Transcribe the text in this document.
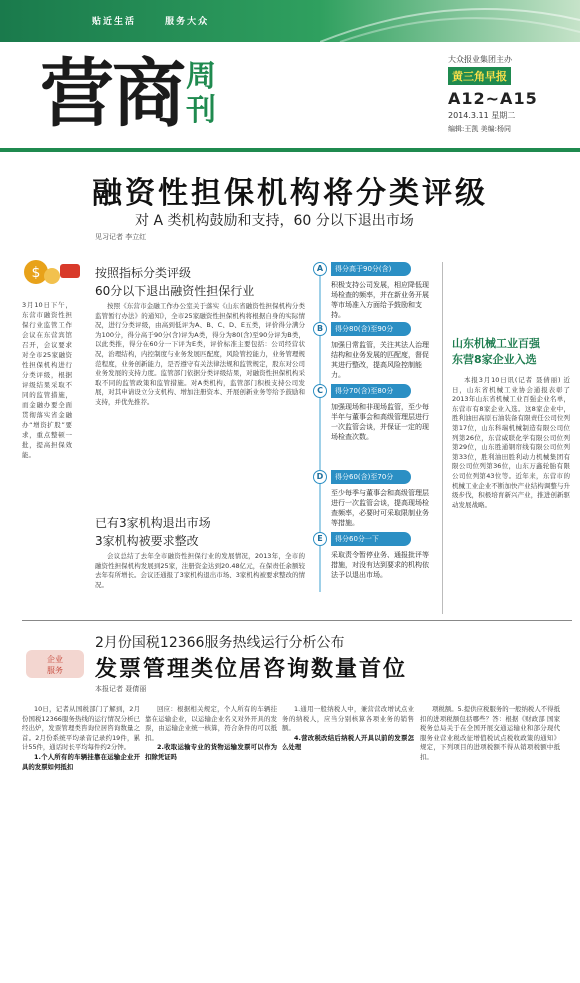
贴近生活	服务大众
营商 周刊
大众报业集团主办
黄三角早报
A12~A15
2014.3.11 星期二
编辑:王凯 美编:杨同
融资性担保机构将分类评级
对 A 类机构鼓励和支持，60 分以下退出市场
见习记者 李立红
$
3月10日下午，东营市融资性担保行业监管工作会议在东营宾馆召开，会议要求对全市25家融资性担保机构进行分类评级，根据评级结果采取不同的监管措施，而金融办要全面贯彻落实省金融办“增资扩股”要求，重点整顿一批，提高担保效能。
按照指标分类评级
60分以下退出融资性担保行业
按照《东营市金融工作办公室关于落实《山东省融资性担保机构分类监管暂行办法》的通知》，全市25家融资性担保机构将根据自身的实际情况，进行分类评级，由高到低评为A、B、C、D、E五类，评价得分满分为100分，得分高于90分(含)评为A类，得分为80(含)至90分评为B类，以此类推，得分在60分一下评为E类，评价标准主要包括：公司经营状况，治理结构，内控制度与业务发展匹配度，风险管控能力，业务管理规范程度，业务创新能力，是否遵守有关法律法规和监管规定，股东对公司业务发展的支持力度。监管部门依据分类评级结果，对融资性担保机构采取不同的监管政策和监管措施。对A类机构，监管部门积极支持公司发展，对其申请设立分支机构、增加注册资本、开展创新业务等给予鼓励和支持，并优先推荐。
已有3家机构退出市场
3家机构被要求整改
会议总结了去年全市融资性担保行业的发展情况，2013年，全市的融资性担保机构发展到25家，注册资金达到20.48亿元，在保责任余额较去年有所增长。会议还通报了3家机构退出市场、3家机构被要求整改的情况。
A	得分高于90分(含)
积极支持公司发展，相应降低现场检查的频率，并在新业务开展等市场准入方面给予鼓励和支持。
B	得分80(含)至90分
加强日常监管，关注其法人治理结构和业务发展的匹配度，督促其进行整改，提高风险控制能力。
C	得分70(含)至80分
加强现场和非现场监管，至少每半年与董事会和高级管理层进行一次监管会谈，并保证一定的现场检查次数。
D	得分60(含)至70分
至少每季与董事会和高级管理层进行一次监管会谈，提高现场检查频率，必要时可采取限制业务等措施。
E	得分60分一下
采取责令暂停业务、通报批评等措施，对没有达到要求的机构依法予以退出市场。
山东机械工业百强
东营8家企业入选
本报3月10日讯(记者 聂倩丽) 近日，山东省机械工业协会通报表彰了2013年山东省机械工业百强企业名单，东营市有8家企业入选。这8家企业中，胜利油田高原石油装备有限责任公司位列第17位，山东科瑞机械制造有限公司位列第26位，东营威联化学有限公司位列第29位，山东胜通钢帘线有限公司位列第33位，胜利油田胜利动力机械集团有限公司位列第36位，山东万鑫轮胎有限公司位列第43位等。近年来，东营市的机械工业企业不断加快产业结构调整与升级步伐，积极培育新兴产业，推进创新驱动发展战略。
企业
服务
2月份国税12366服务热线运行分析公布
发票管理类位居咨询数量首位
本报记者 聂倩丽

10日，记者从国税部门了解到，2月份国税12366服务热线的运行情况分析已经出炉，发票管理类咨询位居咨询数量之首。2月份系统平均录音记录约19件，累计55件，通话时长平均每件约2分钟。

1.个人所有的车辆挂靠在运输企业开具的发票如何抵扣

回应：根据相关规定，个人所有的车辆挂靠在运输企业，以运输企业名义对外开具的发票，由运输企业统一核算，符合条件的可以抵扣。

2.收取运输专业的货物运输发票可以作为扣除凭证吗

1.通用一般纳税人中，兼营营改增试点业务的纳税人，应当分别核算各项业务的销售额。

4.营改税改结后纳税人开具以前的发票怎么处理

项税额。5.提供应税服务的一般纳税人不得抵扣的进项税额包括哪些？答：根据《财政部 国家税务总局关于在全国开展交通运输业和部分现代服务业营业税改征增值税试点税收政策的通知》规定，下列项目的进项税额不得从销项税额中抵扣。
